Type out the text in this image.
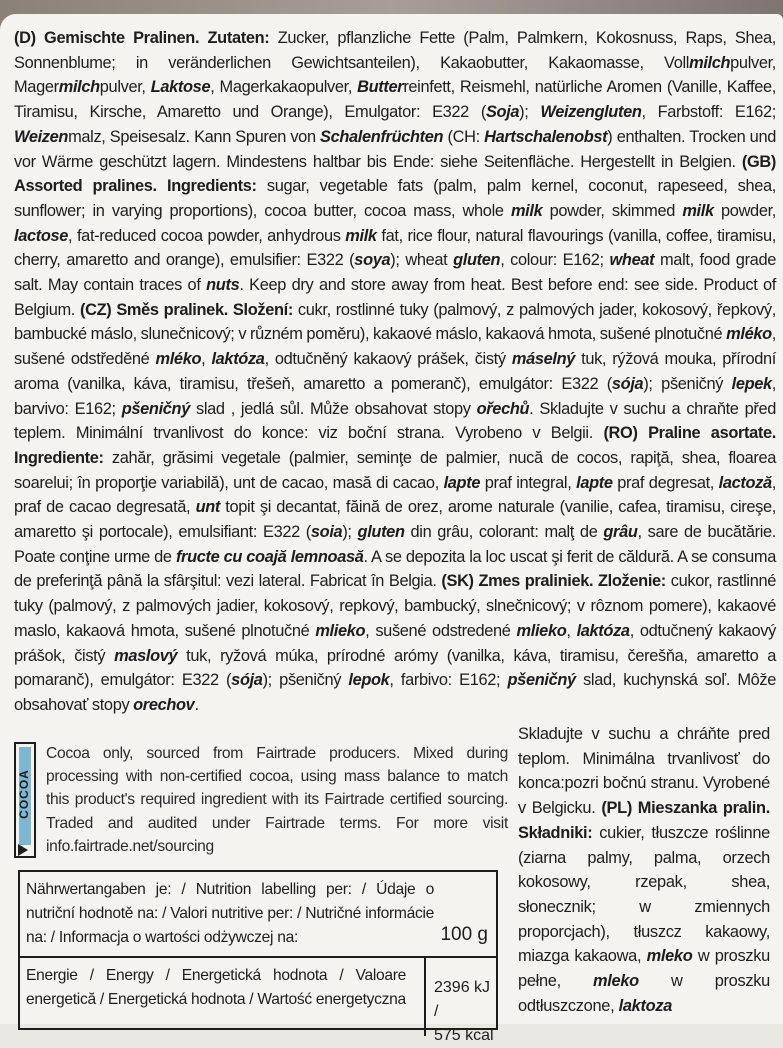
(D) Gemischte Pralinen. Zutaten: Zucker, pflanzliche Fette (Palm, Palmkern, Kokosnuss, Raps, Shea, Sonnenblume; in veränderlichen Gewichtsanteilen), Kakaobutter, Kakaomasse, Vollmilchpulver, Magermilchpulver, Laktose, Magerkakaopulver, Butterreinfett, Reismehl, natürliche Aromen (Vanille, Kaffee, Tiramisu, Kirsche, Amaretto und Orange), Emulgator: E322 (Soja); Weizengluten, Farbstoff: E162; Weizenmalz, Speisesalz. Kann Spuren von Schalenfrüchten (CH: Hartschalenobst) enthalten. Trocken und vor Wärme geschützt lagern. Mindestens haltbar bis Ende: siehe Seitenfläche. Hergestellt in Belgien. (GB) Assorted pralines. Ingredients: sugar, vegetable fats (palm, palm kernel, coconut, rapeseed, shea, sunflower; in varying proportions), cocoa butter, cocoa mass, whole milk powder, skimmed milk powder, lactose, fat-reduced cocoa powder, anhydrous milk fat, rice flour, natural flavourings (vanilla, coffee, tiramisu, cherry, amaretto and orange), emulsifier: E322 (soya); wheat gluten, colour: E162; wheat malt, food grade salt. May contain traces of nuts. Keep dry and store away from heat. Best before end: see side. Product of Belgium. (CZ) Směs pralinek. Složení: cukr, rostlinné tuky (palmový, z palmových jader, kokosový, řepkový, bambucké máslo, slunečnicový; v různém poměru), kakaové máslo, kakaová hmota, sušené plnotučné mléko, sušené odstředěné mléko, laktóza, odtučněný kakaový prášek, čistý máselný tuk, rýžová mouka, přírodní aroma (vanilka, káva, tiramisu, třešeň, amaretto a pomeranč), emulgátor: E322 (sója); pšeničný lepek, barvivo: E162; pšeničný slad , jedlá sůl. Může obsahovat stopy ořechů. Skladujte v suchu a chraňte před teplem. Minimální trvanlivost do konce: viz boční strana. Vyrobeno v Belgii. (RO) Praline asortate. Ingrediente: zahăr, grăsimi vegetale (palmier, seminţe de palmier, nucă de cocos, rapiţă, shea, floarea soarelui; în proporţie variabilă), unt de cacao, masă di cacao, lapte praf integral, lapte praf degresat, lactoză, praf de cacao degresată, unt topit şi decantat, făină de orez, arome naturale (vanilie, cafea, tiramisu, cireşe, amaretto şi portocale), emulsifiant: E322 (soia); gluten din grâu, colorant: malţ de grâu, sare de bucătărie. Poate conţine urme de fructe cu coajă lemnoasă. A se depozita la loc uscat şi ferit de căldură. A se consuma de preferinţă până la sfârşitul: vezi lateral. Fabricat în Belgia. (SK) Zmes praliniek. Zloženie: cukor, rastlinné tuky (palmový, z palmových jadier, kokosový, repkový, bambucký, slnečnicový; v rôznom pomere), kakaové maslo, kakaová hmota, sušené plnotučné mlieko, sušené odstredené mlieko, laktóza, odtučnený kakaový prášok, čistý maslový tuk, ryžová múka, prírodné arómy (vanilka, káva, tiramisu, čerešňa, amaretto a pomaranč), emulgátor: E322 (sója); pšeničný lepok, farbivo: E162; pšeničný slad, kuchynská soľ. Môže obsahovať stopy orechov.

COCOA
Cocoa only, sourced from Fairtrade producers. Mixed during processing with non-certified cocoa, using mass balance to match this product's required ingredient with its Fairtrade certified sourcing. Traded and audited under Fairtrade terms. For more visit info.fairtrade.net/sourcing

Skladujte v suchu a chráňte pred teplom. Minimálna trvanlivosť do konca:pozri bočnú stranu. Vyrobené v Belgicku. (PL) Mieszanka pralin. Składniki: cukier, tłuszcze roślinne (ziarna palmy, palma, orzech kokosowy, rzepak, shea, słonecznik; w zmiennych proporcjach), tłuszcz kakaowy, miazga kakaowa, mleko w proszku pełne, mleko w proszku odtłuszczone, laktoza

Nährwertangaben je: / Nutrition labelling per: / Údaje o nutriční hodnotě na: / Valori nutritive per: / Nutričné informácie na: / Informacja o wartości odżywczej na:	100 g
Energie / Energy / Energetická hodnota / Valoare energetică / Energetická hodnota / Wartość energetyczna
2396 kJ /
575 kcal
